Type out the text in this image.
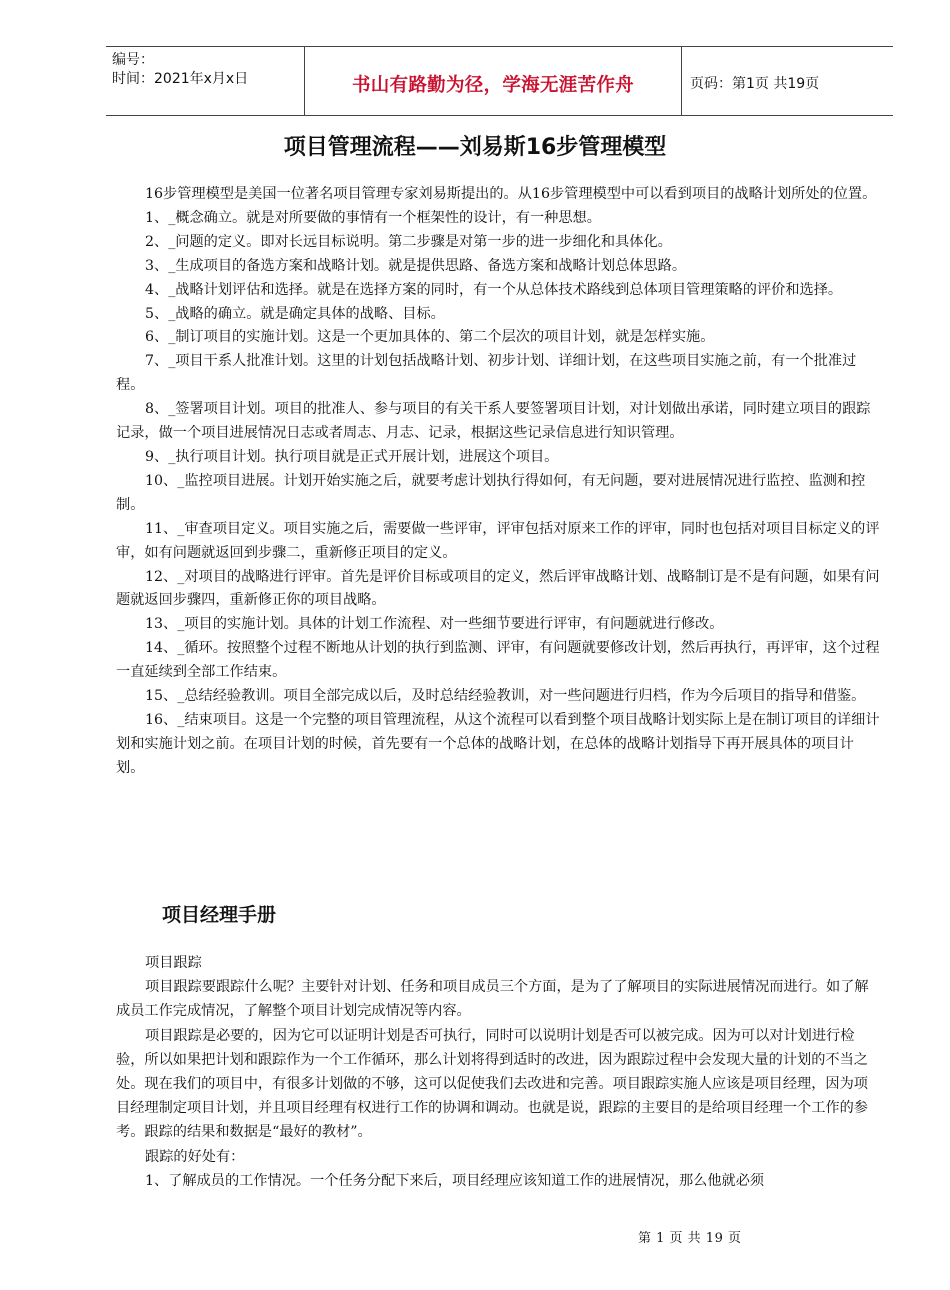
编号：
时间：2021年x月x日	书山有路勤为径，学海无涯苦作舟	页码：第1页 共19页
项目管理流程——刘易斯16步管理模型

16步管理模型是美国一位著名项目管理专家刘易斯提出的。从16步管理模型中可以看到项目的战略计划所处的位置。

1、_概念确立。就是对所要做的事情有一个框架性的设计，有一种思想。

2、_问题的定义。即对长远目标说明。第二步骤是对第一步的进一步细化和具体化。

3、_生成项目的备选方案和战略计划。就是提供思路、备选方案和战略计划总体思路。

4、_战略计划评估和选择。就是在选择方案的同时，有一个从总体技术路线到总体项目管理策略的评价和选择。

5、_战略的确立。就是确定具体的战略、目标。

6、_制订项目的实施计划。这是一个更加具体的、第二个层次的项目计划，就是怎样实施。

7、_项目干系人批准计划。这里的计划包括战略计划、初步计划、详细计划，在这些项目实施之前，有一个批准过程。

8、_签署项目计划。项目的批准人、参与项目的有关干系人要签署项目计划，对计划做出承诺，同时建立项目的跟踪记录，做一个项目进展情况日志或者周志、月志、记录，根据这些记录信息进行知识管理。

9、_执行项目计划。执行项目就是正式开展计划，进展这个项目。

10、_监控项目进展。计划开始实施之后，就要考虑计划执行得如何，有无问题，要对进展情况进行监控、监测和控制。

11、_审查项目定义。项目实施之后，需要做一些评审，评审包括对原来工作的评审，同时也包括对项目目标定义的评审，如有问题就返回到步骤二，重新修正项目的定义。

12、_对项目的战略进行评审。首先是评价目标或项目的定义，然后评审战略计划、战略制订是不是有问题，如果有问题就返回步骤四，重新修正你的项目战略。

13、_项目的实施计划。具体的计划工作流程、对一些细节要进行评审，有问题就进行修改。

14、_循环。按照整个过程不断地从计划的执行到监测、评审，有问题就要修改计划，然后再执行，再评审，这个过程一直延续到全部工作结束。

15、_总结经验教训。项目全部完成以后，及时总结经验教训，对一些问题进行归档，作为今后项目的指导和借鉴。

16、_结束项目。这是一个完整的项目管理流程，从这个流程可以看到整个项目战略计划实际上是在制订项目的详细计划和实施计划之前。在项目计划的时候，首先要有一个总体的战略计划，在总体的战略计划指导下再开展具体的项目计划。

项目经理手册

项目跟踪

项目跟踪要跟踪什么呢？主要针对计划、任务和项目成员三个方面，是为了了解项目的实际进展情况而进行。如了解成员工作完成情况，了解整个项目计划完成情况等内容。

项目跟踪是必要的，因为它可以证明计划是否可执行，同时可以说明计划是否可以被完成。因为可以对计划进行检验，所以如果把计划和跟踪作为一个工作循环，那么计划将得到适时的改进，因为跟踪过程中会发现大量的计划的不当之处。现在我们的项目中，有很多计划做的不够，这可以促使我们去改进和完善。项目跟踪实施人应该是项目经理，因为项目经理制定项目计划，并且项目经理有权进行工作的协调和调动。也就是说，跟踪的主要目的是给项目经理一个工作的参考。跟踪的结果和数据是“最好的教材”。

跟踪的好处有：

1、了解成员的工作情况。一个任务分配下来后，项目经理应该知道工作的进展情况，那么他就必须

第 1 页 共 19 页
